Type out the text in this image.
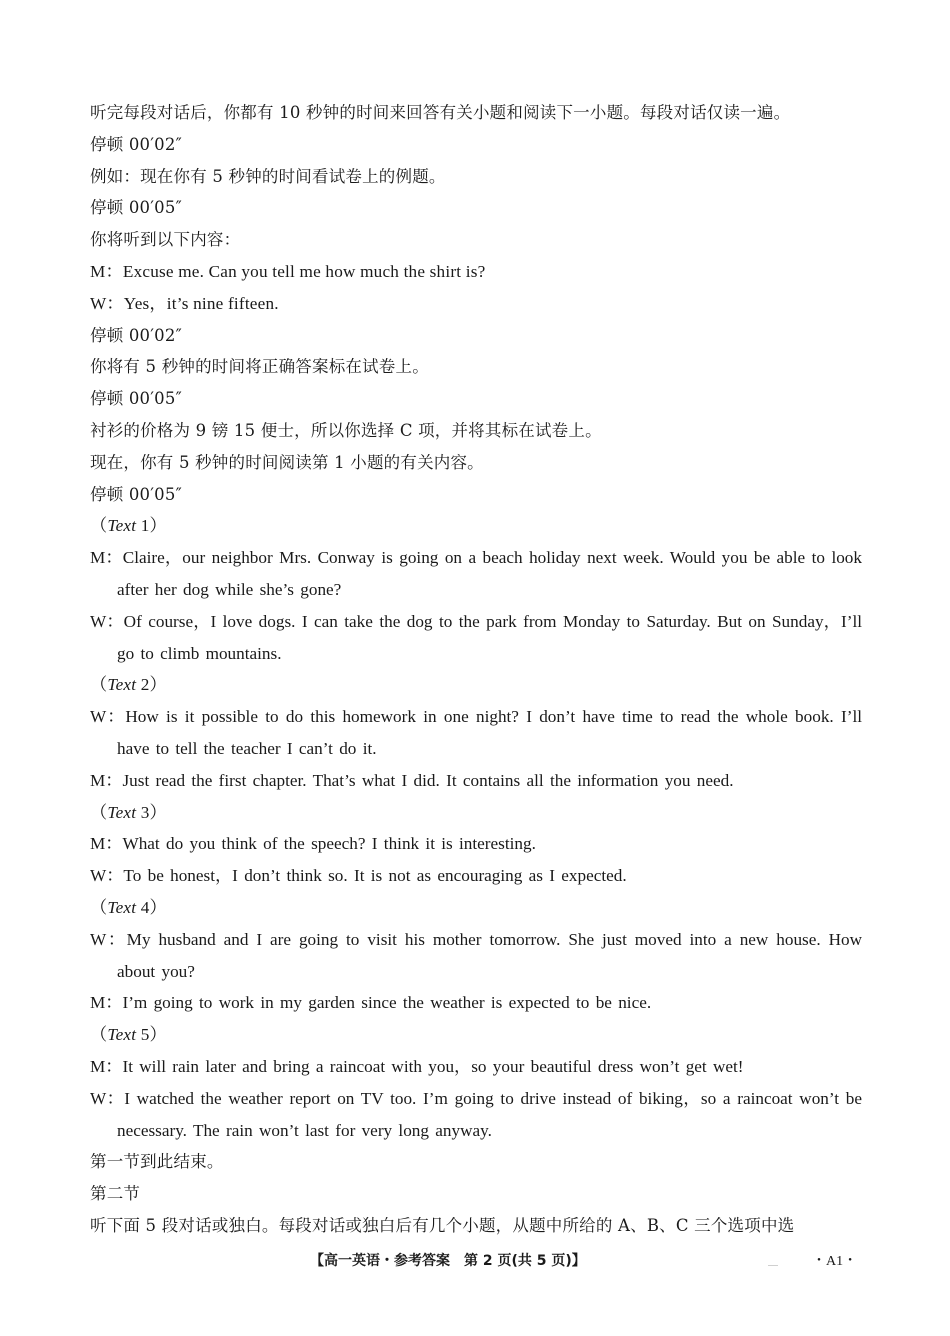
听完每段对话后，你都有 10 秒钟的时间来回答有关小题和阅读下一小题。每段对话仅读一遍。
停顿 00′02″
例如：现在你有 5 秒钟的时间看试卷上的例题。
停顿 00′05″
你将听到以下内容：
M：Excuse me. Can you tell me how much the shirt is?
W：Yes，it’s nine fifteen.
停顿 00′02″
你将有 5 秒钟的时间将正确答案标在试卷上。
停顿 00′05″
衬衫的价格为 9 镑 15 便士，所以你选择 C 项，并将其标在试卷上。
现在，你有 5 秒钟的时间阅读第 1 小题的有关内容。
停顿 00′05″
（Text 1）
M：Claire，our neighbor Mrs. Conway is going on a beach holiday next week. Would you be able to look after her dog while she’s gone?
W：Of course，I love dogs. I can take the dog to the park from Monday to Saturday. But on Sunday，I’ll go to climb mountains.
（Text 2）
W：How is it possible to do this homework in one night? I don’t have time to read the whole book. I’ll have to tell the teacher I can’t do it.
M：Just read the first chapter. That’s what I did. It contains all the information you need.
（Text 3）
M：What do you think of the speech? I think it is interesting.
W：To be honest，I don’t think so. It is not as encouraging as I expected.
（Text 4）
W：My husband and I are going to visit his mother tomorrow. She just moved into a new house. How about you?
M：I’m going to work in my garden since the weather is expected to be nice.
（Text 5）
M：It will rain later and bring a raincoat with you，so your beautiful dress won’t get wet!
W：I watched the weather report on TV too. I’m going to drive instead of biking，so a raincoat won’t be necessary. The rain won’t last for very long anyway.
第一节到此结束。
第二节
听下面 5 段对话或独白。每段对话或独白后有几个小题，从题中所给的 A、B、C 三个选项中选
【高一英语・参考答案　第 2 页(共 5 页)】	・A1・
